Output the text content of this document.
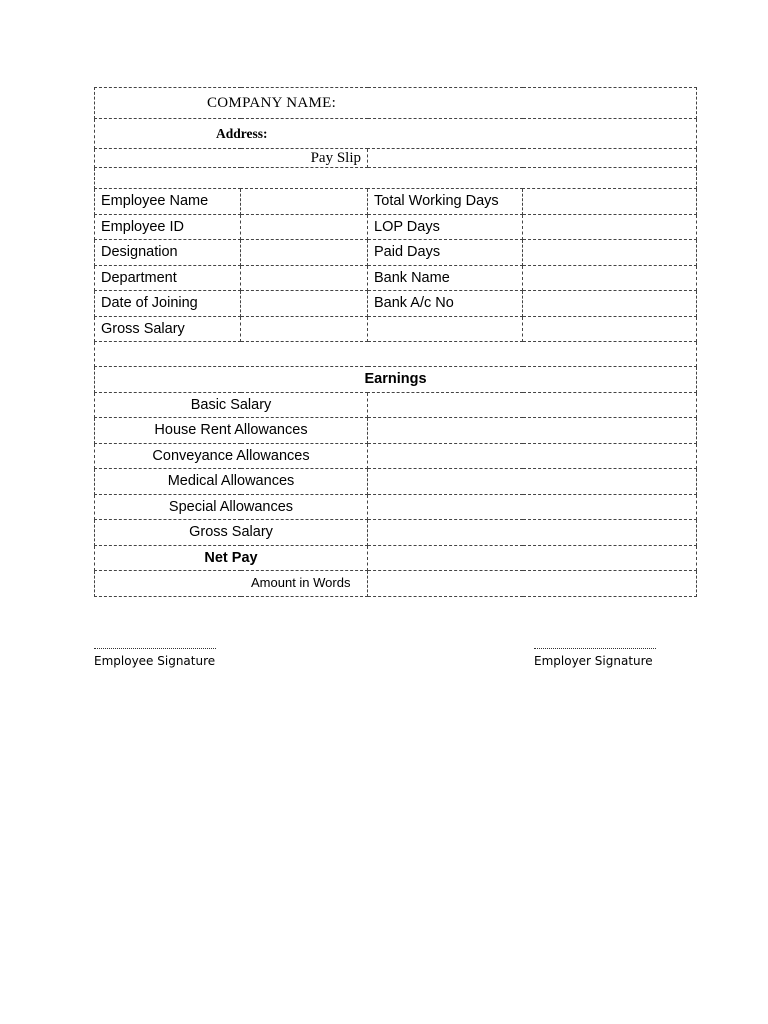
COMPANY NAME:			
Address:			
Pay Slip			

Employee Name		Total Working Days	
Employee ID		LOP Days	
Designation		Paid Days	
Department		Bank Name	
Date of Joining		Bank A/c No	
Gross Salary			

Earnings			
Basic Salary			
House Rent Allowances			
Conveyance Allowances			
Medical Allowances			
Special Allowances			
Gross Salary			
Net Pay			
Amount in Words			
Employee Signature	Employer Signature
